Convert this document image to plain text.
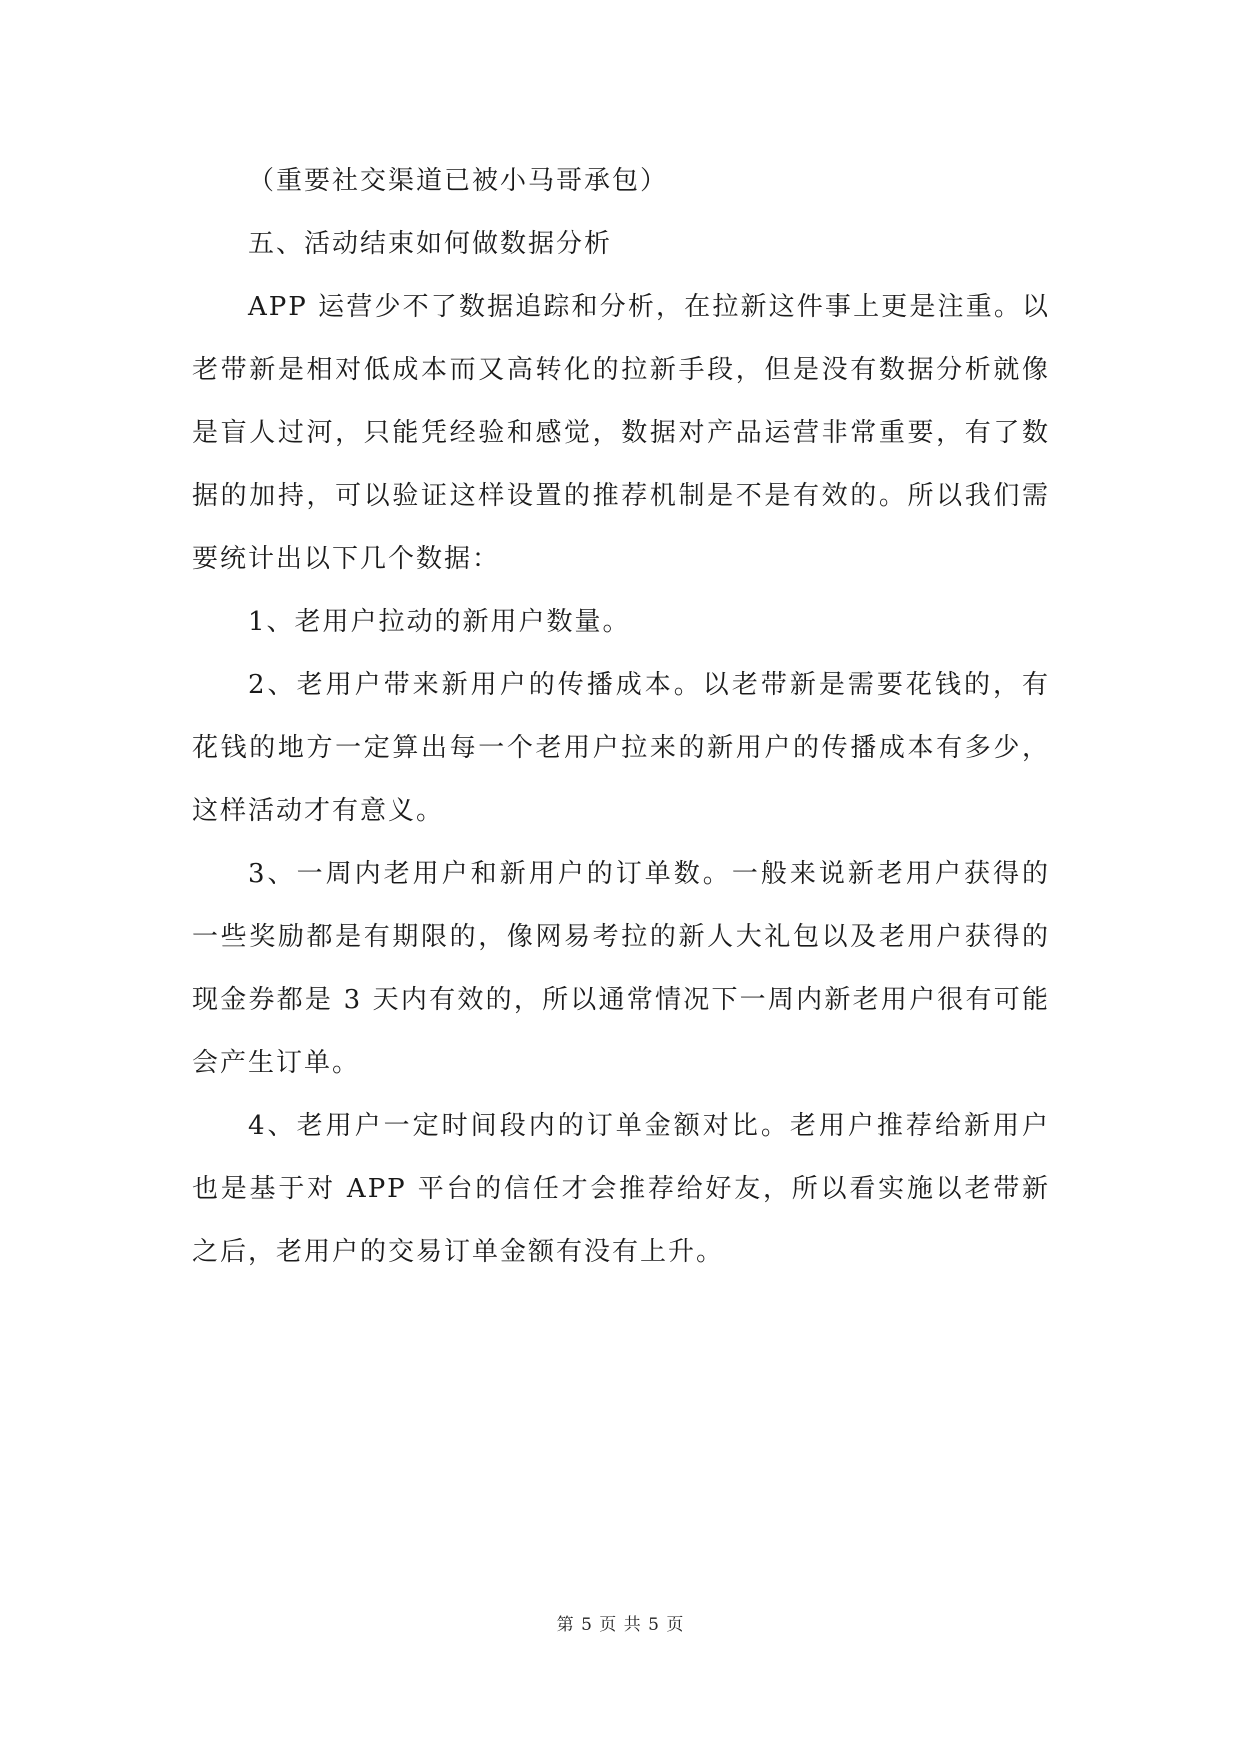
（重要社交渠道已被小马哥承包）

五、活动结束如何做数据分析

APP 运营少不了数据追踪和分析，在拉新这件事上更是注重。以老带新是相对低成本而又高转化的拉新手段，但是没有数据分析就像是盲人过河，只能凭经验和感觉，数据对产品运营非常重要，有了数据的加持，可以验证这样设置的推荐机制是不是有效的。所以我们需要统计出以下几个数据：

1、老用户拉动的新用户数量。

2、老用户带来新用户的传播成本。以老带新是需要花钱的，有花钱的地方一定算出每一个老用户拉来的新用户的传播成本有多少，这样活动才有意义。

3、一周内老用户和新用户的订单数。一般来说新老用户获得的一些奖励都是有期限的，像网易考拉的新人大礼包以及老用户获得的现金券都是 3 天内有效的，所以通常情况下一周内新老用户很有可能会产生订单。

4、老用户一定时间段内的订单金额对比。老用户推荐给新用户也是基于对 APP 平台的信任才会推荐给好友，所以看实施以老带新之后，老用户的交易订单金额有没有上升。

第 5 页 共 5 页
